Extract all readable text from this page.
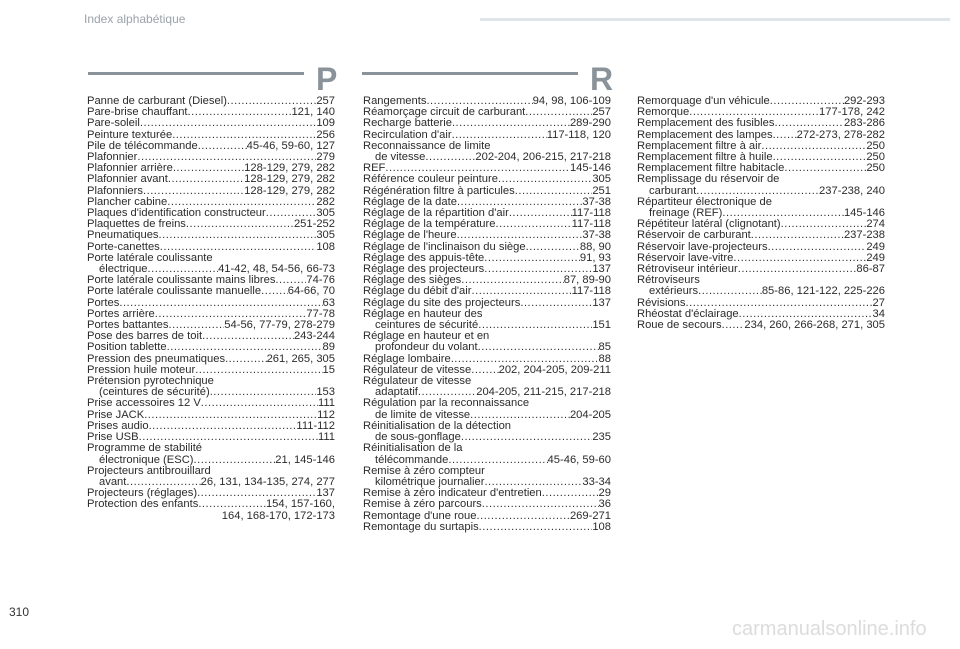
Index alphabétique
P	R
Panne de carburant (Diesel) .....	257
Pare-brise chauffant .....	121, 140
Pare-soleil .....	109
Peinture texturée .....	256
Pile de télécommande .....	45-46, 59-60, 127
Plafonnier .....	279
Plafonnier arrière .....	128-129, 279, 282
Plafonnier avant .....	128-129, 279, 282
Plafonniers .....	128-129, 279, 282
Plancher cabine .....	282
Plaques d'identification constructeur .....	305
Plaquettes de freins .....	251-252
Pneumatiques .....	305
Porte-canettes .....	108
Porte latérale coulissante
électrique .....	41-42, 48, 54-56, 66-73
Porte latérale coulissante mains libres .....	74-76
Porte latérale coulissante manuelle ..... 64-66, 70
Portes .....	63
Portes arrière .....	77-78
Portes battantes .....	54-56, 77-79, 278-279
Pose des barres de toit .....	243-244
Position tablette .....	89
Pression des pneumatiques .....	261, 265, 305
Pression huile moteur .....	15
Prétension pyrotechnique
(ceintures de sécurité) .....	153
Prise accessoires 12 V .....	111
Prise JACK .....	112
Prises audio .....	111-112
Prise USB .....	111
Programme de stabilité
électronique (ESC) .....	21, 145-146
Projecteurs antibrouillard
avant .....	26, 131, 134-135, 274, 277
Projecteurs (réglages) .....	137
Protection des enfants .....	154, 157-160,
164, 168-170, 172-173
Rangements .....	94, 98, 106-109
Réamorçage circuit de carburant .....	257
Recharge batterie .....	289-290
Recirculation d'air .....	117-118, 120
Reconnaissance de limite
de vitesse .....	202-204, 206-215, 217-218
REF .....	145-146
Référence couleur peinture .....	305
Régénération filtre à particules .....	251
Réglage de la date .....	37-38
Réglage de la répartition d'air .....	117-118
Réglage de la température .....	117-118
Réglage de l'heure .....	37-38
Réglage de l'inclinaison du siège .....	88, 90
Réglage des appuis-tête .....	91, 93
Réglage des projecteurs .....	137
Réglage des sièges .....	87, 89-90
Réglage du débit d'air .....	117-118
Réglage du site des projecteurs .....	137
Réglage en hauteur des
ceintures de sécurité .....	151
Réglage en hauteur et en
profondeur du volant .....	85
Réglage lombaire .....	88
Régulateur de vitesse ..... 202, 204-205, 209-211
Régulateur de vitesse
adaptatif .....	204-205, 211-215, 217-218
Régulation par la reconnaissance
de limite de vitesse .....	204-205
Réinitialisation de la détection
de sous-gonflage .....	235
Réinitialisation de la
télécommande .....	45-46, 59-60
Remise à zéro compteur
kilométrique journalier .....	33-34
Remise à zéro indicateur d'entretien .....	29
Remise à zéro parcours .....	36
Remontage d'une roue .....	269-271
Remontage du surtapis .....	108
Remorquage d'un véhicule .....	292-293
Remorque .....	177-178, 242
Remplacement des fusibles .....	283-286
Remplacement des lampes ..... 272-273, 278-282
Remplacement filtre à air .....	250
Remplacement filtre à huile .....	250
Remplacement filtre habitacle .....	250
Remplissage du réservoir de
carburant .....	237-238, 240
Répartiteur électronique de
freinage (REF) .....	145-146
Répétiteur latéral (clignotant) .....	274
Réservoir de carburant .....	237-238
Réservoir lave-projecteurs .....	249
Réservoir lave-vitre .....	249
Rétroviseur intérieur .....	86-87
Rétroviseurs
extérieurs .....	85-86, 121-122, 225-226
Révisions .....	27
Rhéostat d'éclairage .....	34
Roue de secours ..... 234, 260, 266-268, 271, 305
310
carmanualsonline.info
